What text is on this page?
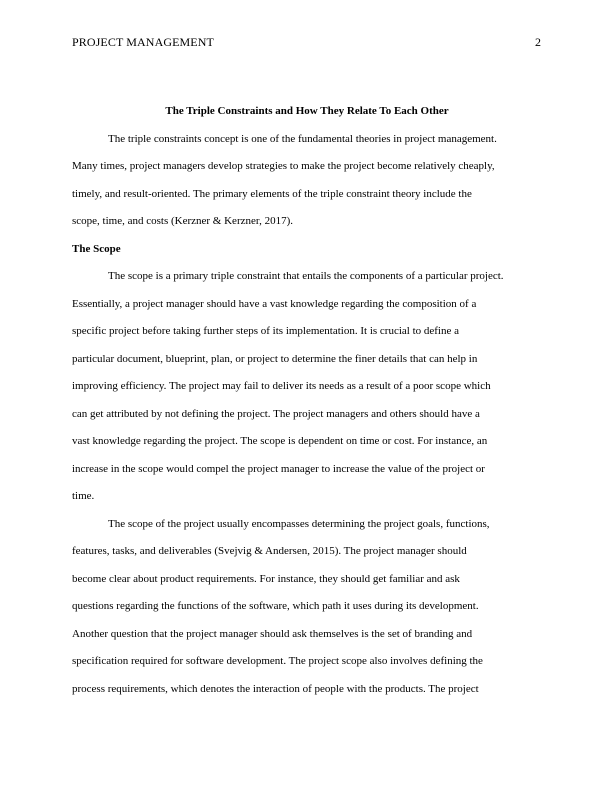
PROJECT MANAGEMENT	2

The Triple Constraints and How They Relate To Each Other

The triple constraints concept is one of the fundamental theories in project management.
Many times, project managers develop strategies to make the project become relatively cheaply,
timely, and result-oriented. The primary elements of the triple constraint theory include the
scope, time, and costs (Kerzner & Kerzner, 2017).

The Scope

The scope is a primary triple constraint that entails the components of a particular project.
Essentially, a project manager should have a vast knowledge regarding the composition of a
specific project before taking further steps of its implementation. It is crucial to define a
particular document, blueprint, plan, or project to determine the finer details that can help in
improving efficiency. The project may fail to deliver its needs as a result of a poor scope which
can get attributed by not defining the project. The project managers and others should have a
vast knowledge regarding the project. The scope is dependent on time or cost. For instance, an
increase in the scope would compel the project manager to increase the value of the project or
time.
The scope of the project usually encompasses determining the project goals, functions,
features, tasks, and deliverables (Svejvig & Andersen, 2015). The project manager should
become clear about product requirements. For instance, they should get familiar and ask
questions regarding the functions of the software, which path it uses during its development.
Another question that the project manager should ask themselves is the set of branding and
specification required for software development. The project scope also involves defining the
process requirements, which denotes the interaction of people with the products. The project
